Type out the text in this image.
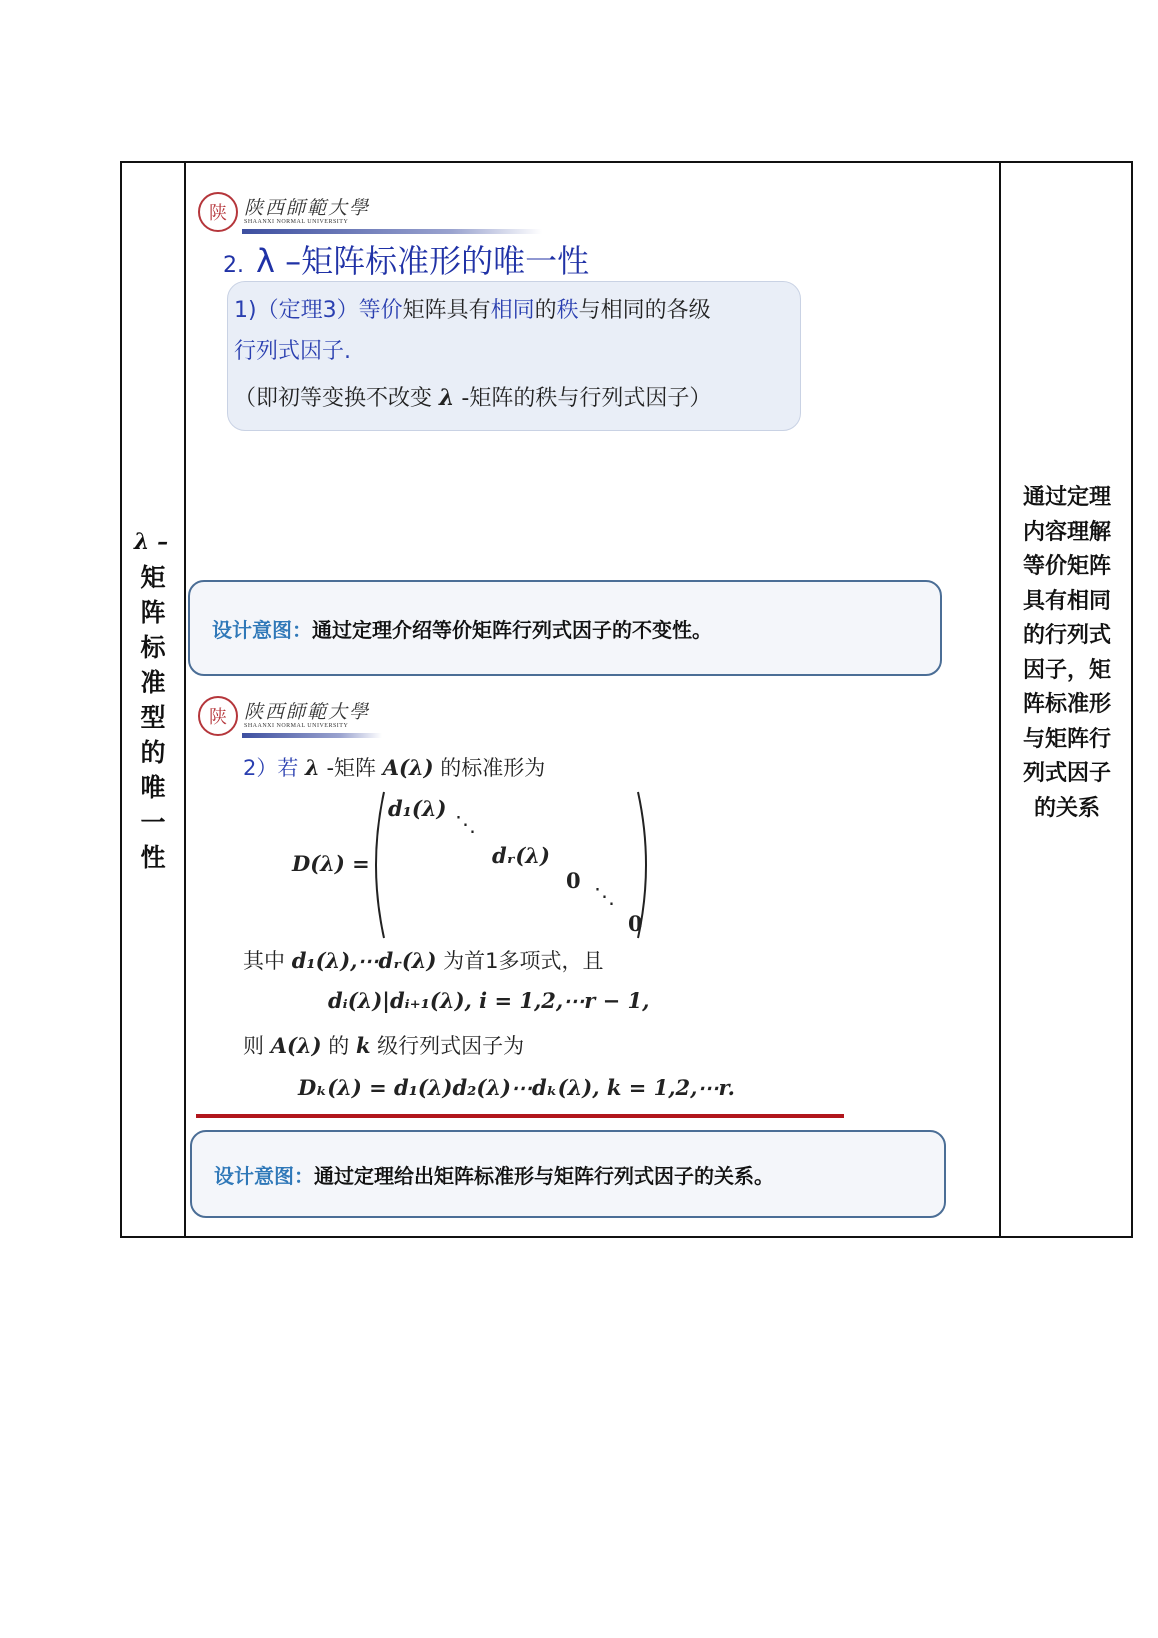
λ –
矩
阵
标
准
型
的
唯
一
性
通过定理内容理解等价矩阵具有相同的行列式因子，矩阵标准形与矩阵行列式因子的关系
陕 陕西師範大學
SHAANXI NORMAL UNIVERSITY
2. λ –矩阵标准形的唯一性
1)（定理3）等价矩阵具有相同的秩与相同的各级
行列式因子.
（即初等变换不改变 λ -矩阵的秩与行列式因子）
设计意图： 通过定理介绍等价矩阵行列式因子的不变性。
陕 陕西師範大學
SHAANXI NORMAL UNIVERSITY
2）若 λ -矩阵 A(λ) 的标准形为
D(λ) =
d₁(λ)
⋱
dᵣ(λ)
0
⋱
0
其中 d₁(λ),⋯dᵣ(λ) 为首1多项式，且
dᵢ(λ)|dᵢ₊₁(λ), i = 1,2,⋯r − 1,
则 A(λ) 的 k 级行列式因子为
Dₖ(λ) = d₁(λ)d₂(λ)⋯dₖ(λ), k = 1,2,⋯r.
设计意图： 通过定理给出矩阵标准形与矩阵行列式因子的关系。
